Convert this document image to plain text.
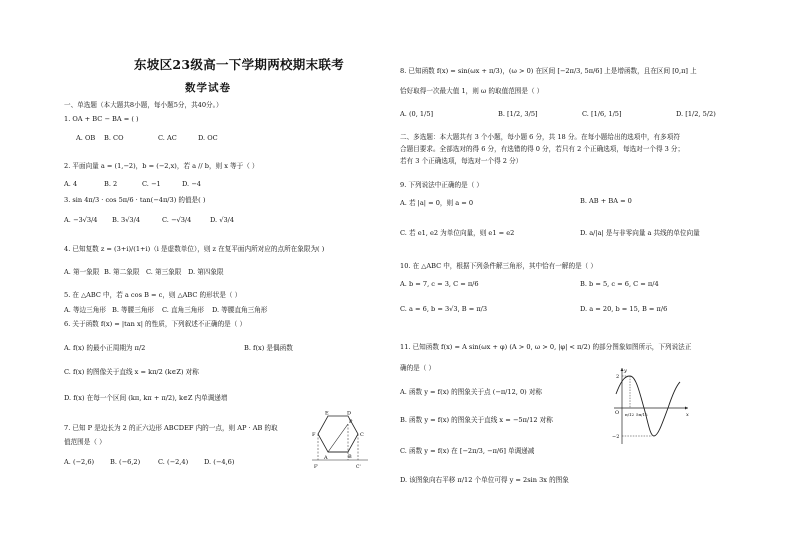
东坡区23级高一下学期两校期末联考
数学试卷
一、单选题（本大题共8小题，每小题5分，共40分。）
1. OA + BC − BA = ( )
A. OB B. CO	C. AC	D. OC
2. 平面向量 a = (1,−2)，b = (−2,x)，若 a // b，则 x 等于（ ）
A. 4	B. 2	C. −1	D. −4
3. sin 4π/3 · cos 5π/6 · tan(−4π/3) 的值是( )
A. −3√3/4 B. 3√3/4	C. −√3/4	D. √3/4
4. 已知复数 z = (3+i)/(1+i)（i 是虚数单位），则 z 在复平面内所对应的点所在象限为( )
A. 第一象限 B. 第二象限 C. 第三象限 D. 第四象限
5. 在 △ABC 中，若 a cos B = c，则 △ABC 的形状是（ ）
A. 等边三角形 B. 等腰三角形 C. 直角三角形 D. 等腰直角三角形
6. 关于函数 f(x) = |tan x| 的性质，下列叙述不正确的是（ ）
A. f(x) 的最小正周期为 π/2	B. f(x) 是偶函数
C. f(x) 的图像关于直线 x = kπ/2 (k∈Z) 对称
D. f(x) 在每一个区间 (kπ, kπ + π/2), k∈Z 内单调递增
7. 已知 P 是边长为 2 的正六边形 ABCDEF 内的一点，则 AP · AB 的取
值范围是（ ）
A. (−2,6) B. (−6,2)	C. (−2,4) D. (−4,6)
E	D
F	C
A	B
F'
P
C'
8. 已知函数 f(x) = sin(ωx + π/3)，(ω > 0) 在区间 [−2π/3, 5π/6] 上是增函数，且在区间 [0,π] 上
恰好取得一次最大值 1，则 ω 的取值范围是（ ）
A. (0, 1/5]	B. [1/2, 3/5]	C. [1/6, 1/5]	D. [1/2, 5/2)
二、多选题：本大题共有 3 个小题，每小题 6 分，共 18 分。在每小题给出的选项中，有多项符
合题目要求。全部选对的得 6 分，有选错的得 0 分，若只有 2 个正确选项，每选对一个得 3 分；
若有 3 个正确选项，每选对一个得 2 分）
9. 下列说法中正确的是（ ）
A. 若 |a| = 0，则 a = 0	B. AB + BA = 0
C. 若 e1, e2 为单位向量，则 e1 = e2	D. a/|a| 是与非零向量 a 共线的单位向量
10. 在 △ABC 中，根据下列条件解三角形，其中恰有一解的是（ ）
A. b = 7, c = 3, C = π/6	B. b = 5, c = 6, C = π/4
C. a = 6, b = 3√3, B = π/3	D. a = 20, b = 15, B = π/6
11. 已知函数 f(x) = A sin(ωx + φ) (A > 0, ω > 0, |φ| < π/2) 的部分图象如图所示，下列说法正
确的是（ ）
A. 函数 y = f(x) 的图象关于点 (−π/12, 0) 对称
B. 函数 y = f(x) 的图象关于直线 x = −5π/12 对称
C. 函数 y = f(x) 在 [−2π/3, −π/6] 单调递减
D. 该图象向右平移 π/12 个单位可得 y = 2sin 3x 的图象
y
x
2
O π/12 5π/12
−2
